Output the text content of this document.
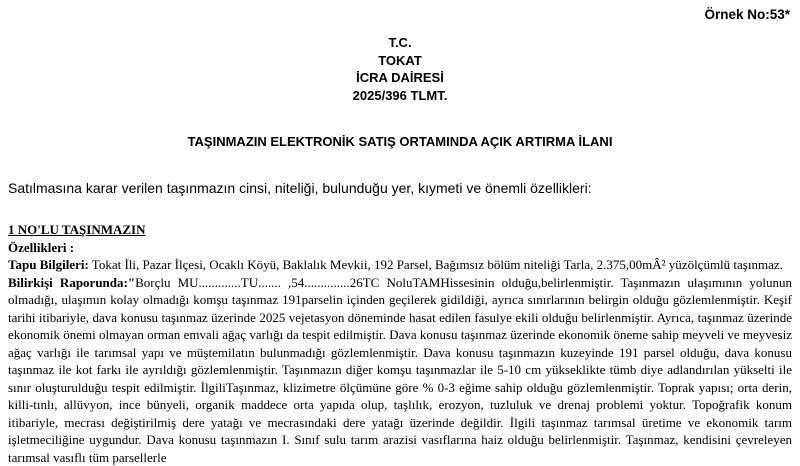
Örnek No:53*
T.C.
TOKAT
İCRA DAİRESİ
2025/396 TLMT.
TAŞINMAZIN ELEKTRONİK SATIŞ ORTAMINDA AÇIK ARTIRMA İLANI
Satılmasına karar verilen taşınmazın cinsi, niteliği, bulunduğu yer, kıymeti ve önemli özellikleri:
1 NO'LU TAŞINMAZIN
Özellikleri :

Tapu Bilgileri: Tokat İli, Pazar İlçesi, Ocaklı Köyü, Baklalık Mevkii, 192 Parsel, Bağımsız bölüm niteliği Tarla, 2.375,00mÂ² yüzölçümlü taşınmaz.

Bilirkişi Raporunda:"Borçlu MU.............TU....... ,54..............26TC NoluTAMHissesinin olduğu,belirlenmiştir. Taşınmazın ulaşımının yolunun olmadığı, ulaşımın kolay olmadığı komşu taşınmaz 191parselin içinden geçilerek gidildiği, ayrıca sınırlarının belirgin olduğu gözlemlenmiştir. Keşif tarihi itibariyle, dava konusu taşınmaz üzerinde 2025 vejetasyon döneminde hasat edilen fasulye ekili olduğu belirlenmiştir. Ayrıca, taşınmaz üzerinde ekonomik önemi olmayan orman emvali ağaç varlığı da tespit edilmiştir. Dava konusu taşınmaz üzerinde ekonomik öneme sahip meyveli ve meyvesiz ağaç varlığı ile tarımsal yapı ve müştemilatın bulunmadığı gözlemlenmiştir. Dava konusu taşınmazın kuzeyinde 191 parsel olduğu, dava konusu taşınmaz ile kot farkı ile ayrıldığı gözlemlenmiştir. Taşınmazın diğer komşu taşınmazlar ile 5-10 cm yükseklikte tümb diye adlandırılan yükselti ile sınır oluşturulduğu tespit edilmiştir. İlgiliTaşınmaz, klizimetre ölçümüne göre % 0-3 eğime sahip olduğu gözlemlenmiştir. Toprak yapısı; orta derin, killi-tınlı, allüvyon, ince bünyeli, organik maddece orta yapıda olup, taşlılık, erozyon, tuzluluk ve drenaj problemi yoktur. Topoğrafik konum itibariyle, mecrası değiştirilmiş dere yatağı ve mecrasındaki dere yatağı üzerinde değildir. İlgili taşınmaz tarımsal üretime ve ekonomik tarım işletmeciliğine uygundur. Dava konusu taşınmazın I. Sınıf sulu tarım arazisi vasıflarına haiz olduğu belirlenmiştir. Taşınmaz, kendisini çevreleyen tarımsal vasıflı tüm parsellerle
